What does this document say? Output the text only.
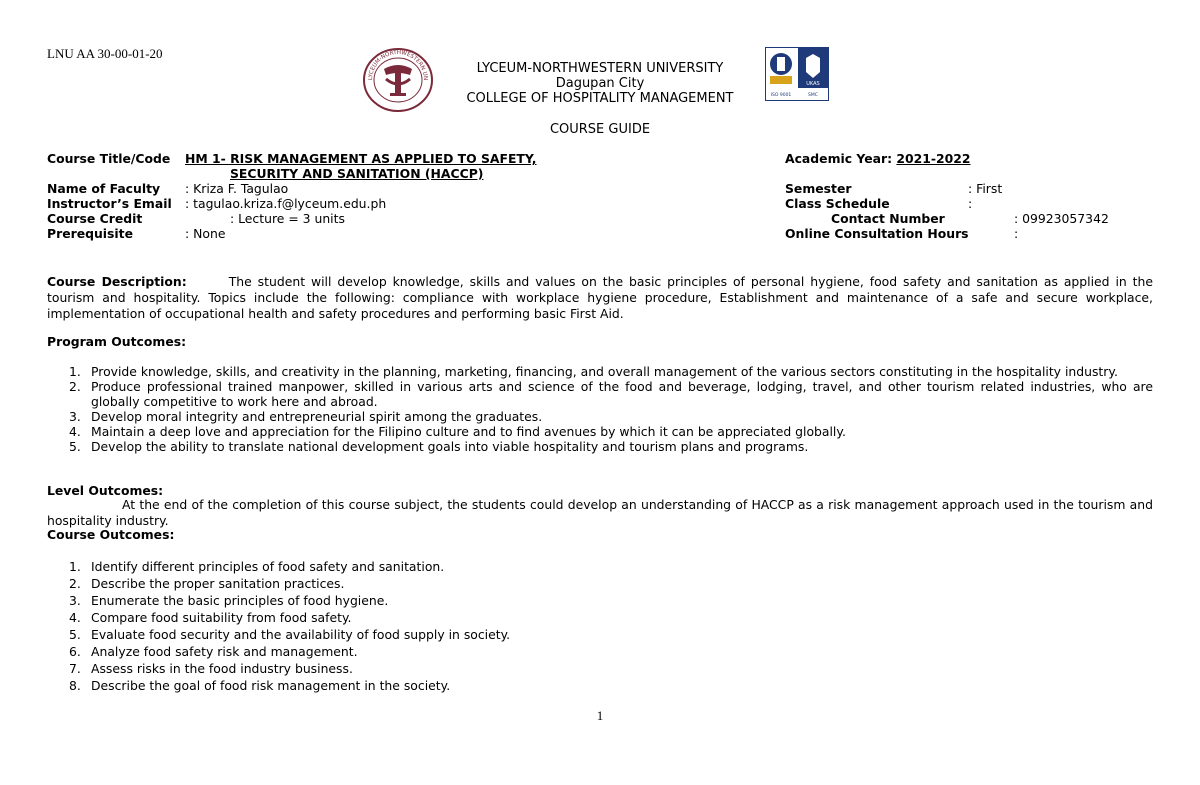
LNU AA 30-00-01-20
LYCEUM-NORTHWESTERN UN
LYCEUM-NORTHWESTERN UNIVERSITY
Dagupan City
COLLEGE OF HOSPITALITY MANAGEMENT
UKAS
ISO 9001	SMC
COURSE GUIDE
Course Title/Code HM 1- RISK MANAGEMENT AS APPLIED TO SAFETY,
SECURITY AND SANITATION (HACCP)
Name of Faculty : Kriza F. Tagulao
Instructor’s Email : tagulao.kriza.f@lyceum.edu.ph
Course Credit	: Lecture = 3 units
Prerequisite	: None
Academic Year: 2021-2022
Semester	: First
Class Schedule	:
Contact Number	: 09923057342
Online Consultation Hours	:
Course Description:	The student will develop knowledge, skills and values on the basic principles of personal hygiene, food safety and sanitation as applied in the tourism and hospitality. Topics include the following: compliance with workplace hygiene procedure, Establishment and maintenance of a safe and secure workplace, implementation of occupational health and safety procedures and performing basic First Aid.
Program Outcomes:
1. Provide knowledge, skills, and creativity in the planning, marketing, financing, and overall management of the various sectors constituting in the hospitality industry.
2. Produce professional trained manpower, skilled in various arts and science of the food and beverage, lodging, travel, and other tourism related industries, who are globally competitive to work here and abroad.
3. Develop moral integrity and entrepreneurial spirit among the graduates.
4. Maintain a deep love and appreciation for the Filipino culture and to find avenues by which it can be appreciated globally.
5. Develop the ability to translate national development goals into viable hospitality and tourism plans and programs.
Level Outcomes:
At the end of the completion of this course subject, the students could develop an understanding of HACCP as a risk management approach used in the tourism and hospitality industry.
Course Outcomes:
1. Identify different principles of food safety and sanitation.
2. Describe the proper sanitation practices.
3. Enumerate the basic principles of food hygiene.
4. Compare food suitability from food safety.
5. Evaluate food security and the availability of food supply in society.
6. Analyze food safety risk and management.
7. Assess risks in the food industry business.
8. Describe the goal of food risk management in the society.
1
